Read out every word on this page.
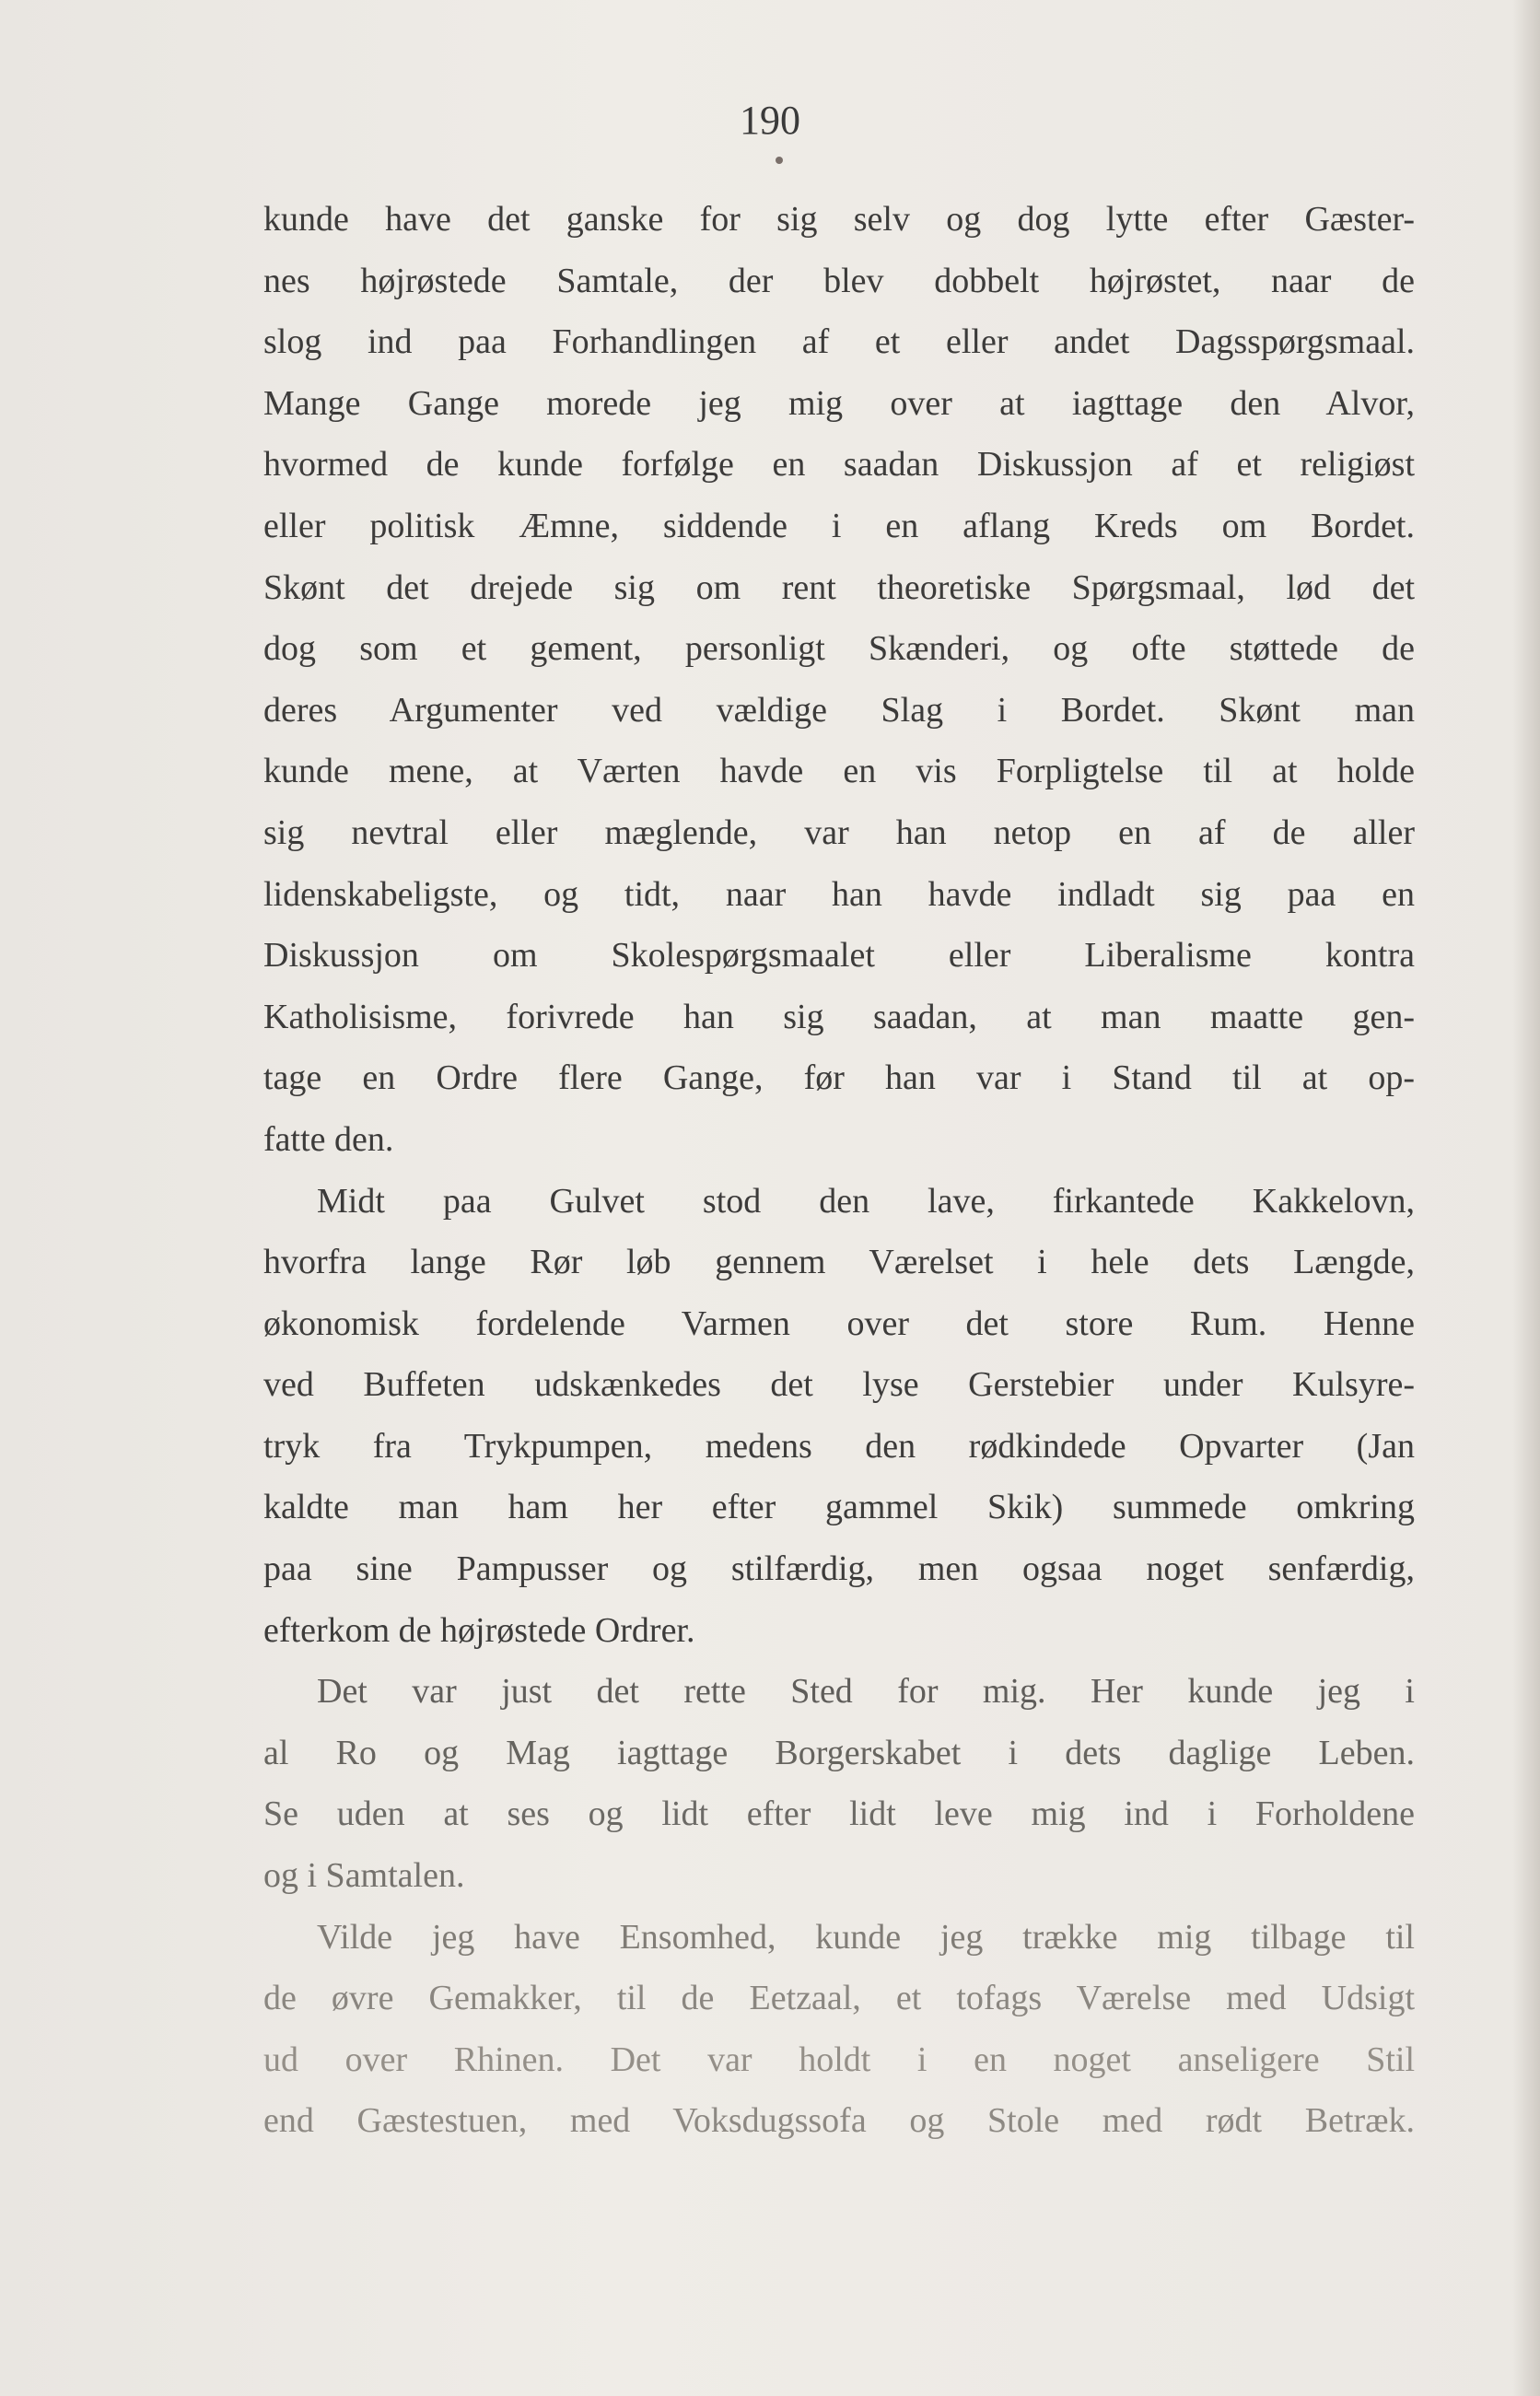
190
kunde have det ganske for sig selv og dog lytte efter Gæster-
nes højrøstede Samtale, der blev dobbelt højrøstet, naar de
slog ind paa Forhandlingen af et eller andet Dagsspørgsmaal.
Mange Gange morede jeg mig over at iagttage den Alvor,
hvormed de kunde forfølge en saadan Diskussjon af et religiøst
eller politisk Æmne, siddende i en aflang Kreds om Bordet.
Skønt det drejede sig om rent theoretiske Spørgsmaal, lød det
dog som et gement, personligt Skænderi, og ofte støttede de
deres Argumenter ved vældige Slag i Bordet. Skønt man
kunde mene, at Værten havde en vis Forpligtelse til at holde
sig nevtral eller mæglende, var han netop en af de aller
lidenskabeligste, og tidt, naar han havde indladt sig paa en
Diskussjon om Skolespørgsmaalet eller Liberalisme kontra
Katholisisme, forivrede han sig saadan, at man maatte gen-
tage en Ordre flere Gange, før han var i Stand til at op-
fatte den.
Midt paa Gulvet stod den lave, firkantede Kakkelovn,
hvorfra lange Rør løb gennem Værelset i hele dets Længde,
økonomisk fordelende Varmen over det store Rum. Henne
ved Buffeten udskænkedes det lyse Gerstebier under Kulsyre-
tryk fra Trykpumpen, medens den rødkindede Opvarter (Jan
kaldte man ham her efter gammel Skik) summede omkring
paa sine Pampusser og stilfærdig, men ogsaa noget senfærdig,
efterkom de højrøstede Ordrer.
Det var just det rette Sted for mig. Her kunde jeg i
al Ro og Mag iagttage Borgerskabet i dets daglige Leben.
Se uden at ses og lidt efter lidt leve mig ind i Forholdene
og i Samtalen.
Vilde jeg have Ensomhed, kunde jeg trække mig tilbage til
de øvre Gemakker, til de Eetzaal, et tofags Værelse med Udsigt
ud over Rhinen. Det var holdt i en noget anseligere Stil
end Gæstestuen, med Voksdugssofa og Stole med rødt Betræk.
